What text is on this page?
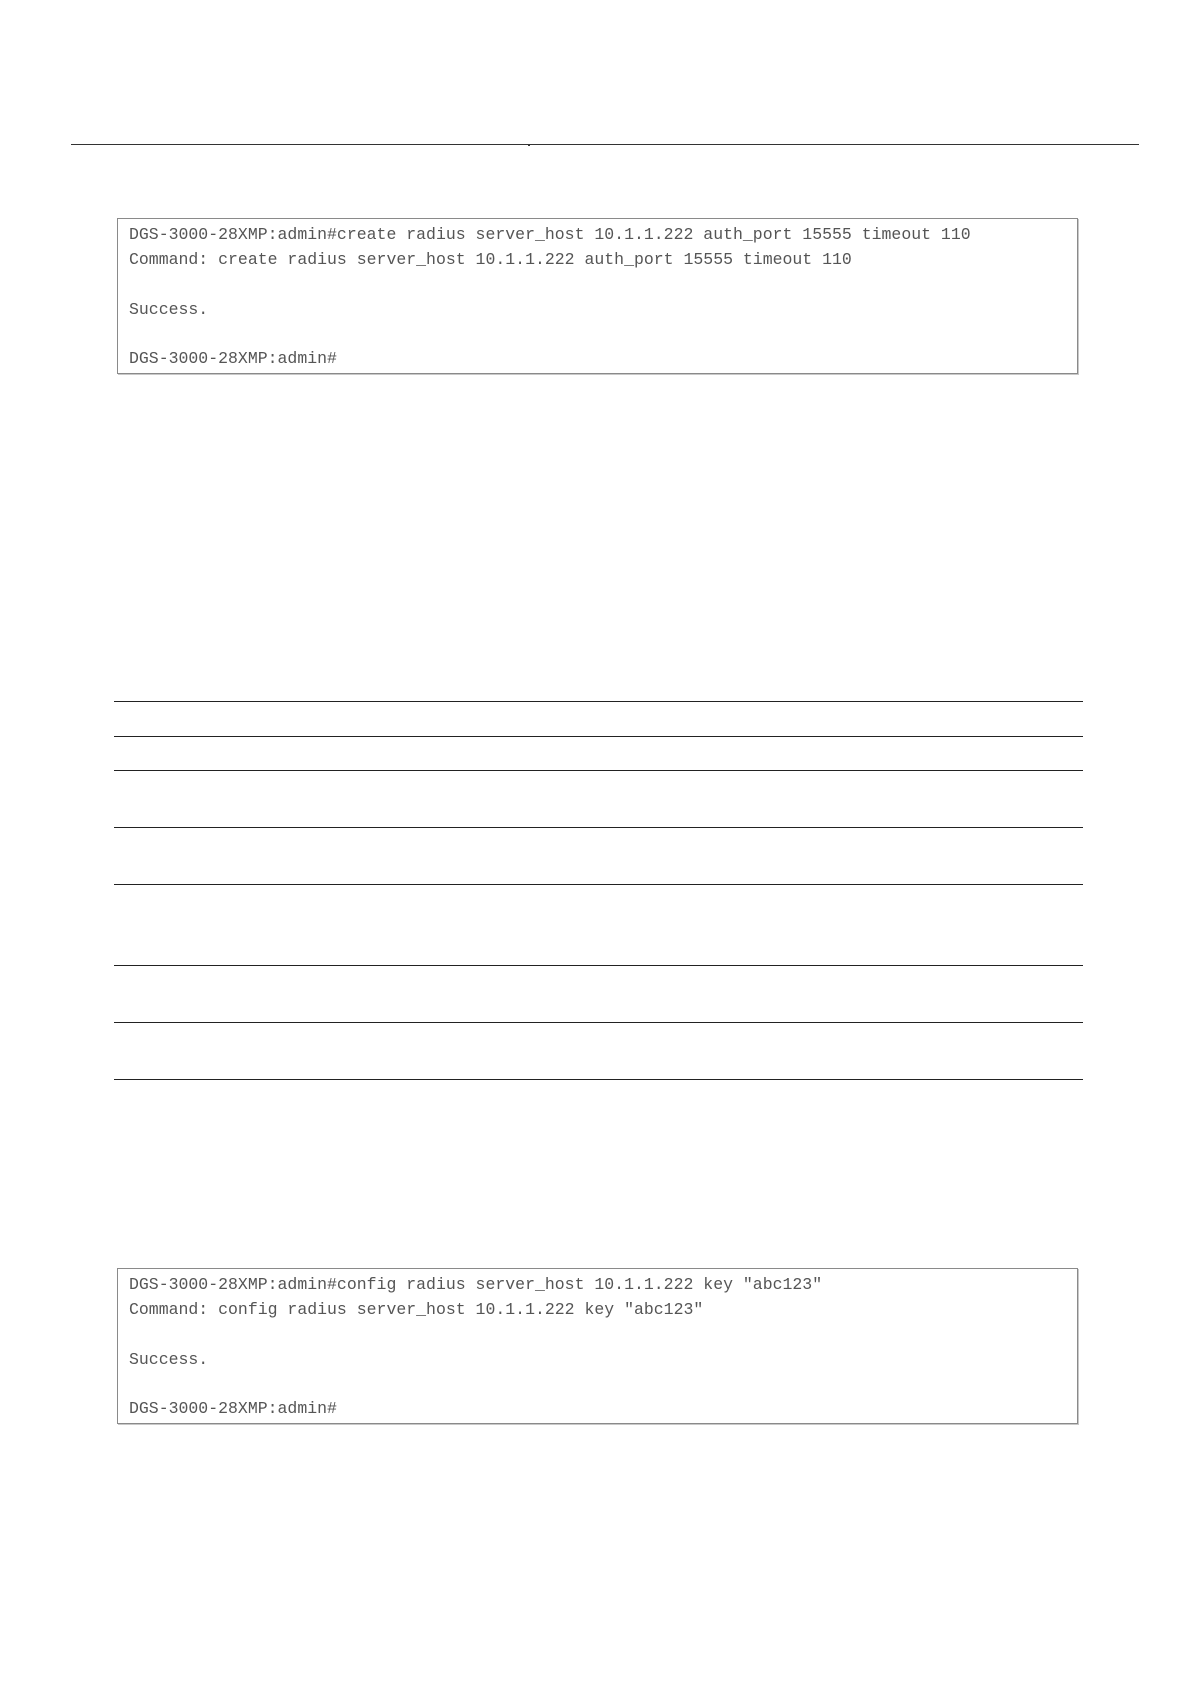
DGS-3000-28XMP:admin#create radius server_host 10.1.1.222 auth_port 15555 timeout 110
Command: create radius server_host 10.1.1.222 auth_port 15555 timeout 110
Success.
DGS-3000-28XMP:admin#
DGS-3000-28XMP:admin#config radius server_host 10.1.1.222 key "abc123"
Command: config radius server_host 10.1.1.222 key "abc123"
Success.
DGS-3000-28XMP:admin#
